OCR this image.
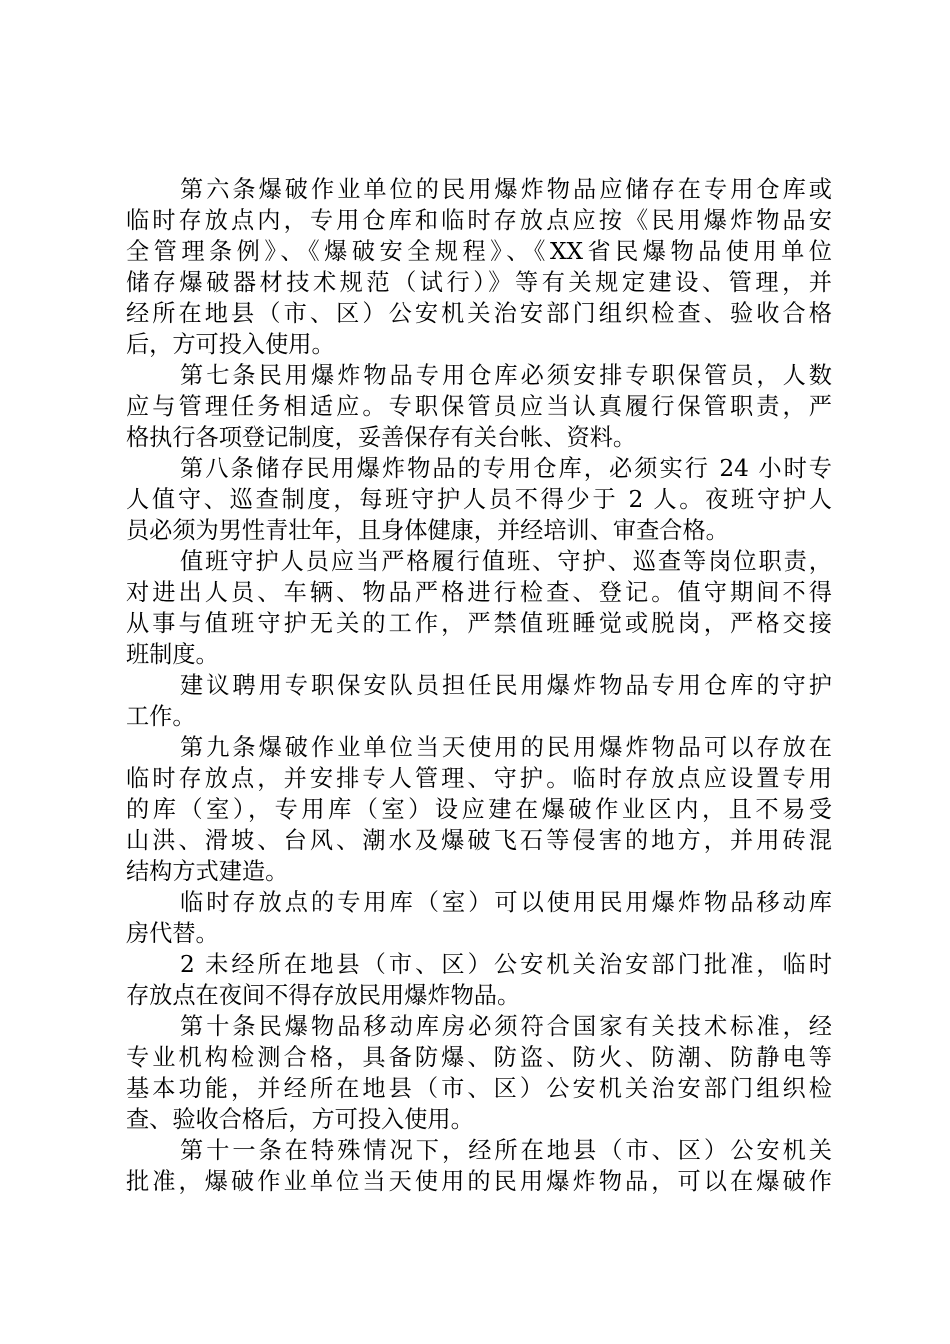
第六条爆破作业单位的民用爆炸物品应储存在专用仓库或
临时存放点内，专用仓库和临时存放点应按《民用爆炸物品安
全管理条例》、《爆破安全规程》、《XX省民爆物品使用单位
储存爆破器材技术规范（试行）》等有关规定建设、管理，并
经所在地县（市、区）公安机关治安部门组织检查、验收合格
后，方可投入使用。
第七条民用爆炸物品专用仓库必须安排专职保管员，人数
应与管理任务相适应。专职保管员应当认真履行保管职责，严
格执行各项登记制度，妥善保存有关台帐、资料。
第八条储存民用爆炸物品的专用仓库，必须实行 24 小时专
人值守、巡查制度，每班守护人员不得少于 2 人。夜班守护人
员必须为男性青壮年，且身体健康，并经培训、审查合格。
值班守护人员应当严格履行值班、守护、巡查等岗位职责，
对进出人员、车辆、物品严格进行检查、登记。值守期间不得
从事与值班守护无关的工作，严禁值班睡觉或脱岗，严格交接
班制度。
建议聘用专职保安队员担任民用爆炸物品专用仓库的守护
工作。
第九条爆破作业单位当天使用的民用爆炸物品可以存放在
临时存放点，并安排专人管理、守护。临时存放点应设置专用
的库（室），专用库（室）设应建在爆破作业区内，且不易受
山洪、滑坡、台风、潮水及爆破飞石等侵害的地方，并用砖混
结构方式建造。
临时存放点的专用库（室）可以使用民用爆炸物品移动库
房代替。
2 未经所在地县（市、区）公安机关治安部门批准，临时
存放点在夜间不得存放民用爆炸物品。
第十条民爆物品移动库房必须符合国家有关技术标准，经
专业机构检测合格，具备防爆、防盗、防火、防潮、防静电等
基本功能，并经所在地县（市、区）公安机关治安部门组织检
查、验收合格后，方可投入使用。
第十一条在特殊情况下，经所在地县（市、区）公安机关
批准，爆破作业单位当天使用的民用爆炸物品，可以在爆破作
